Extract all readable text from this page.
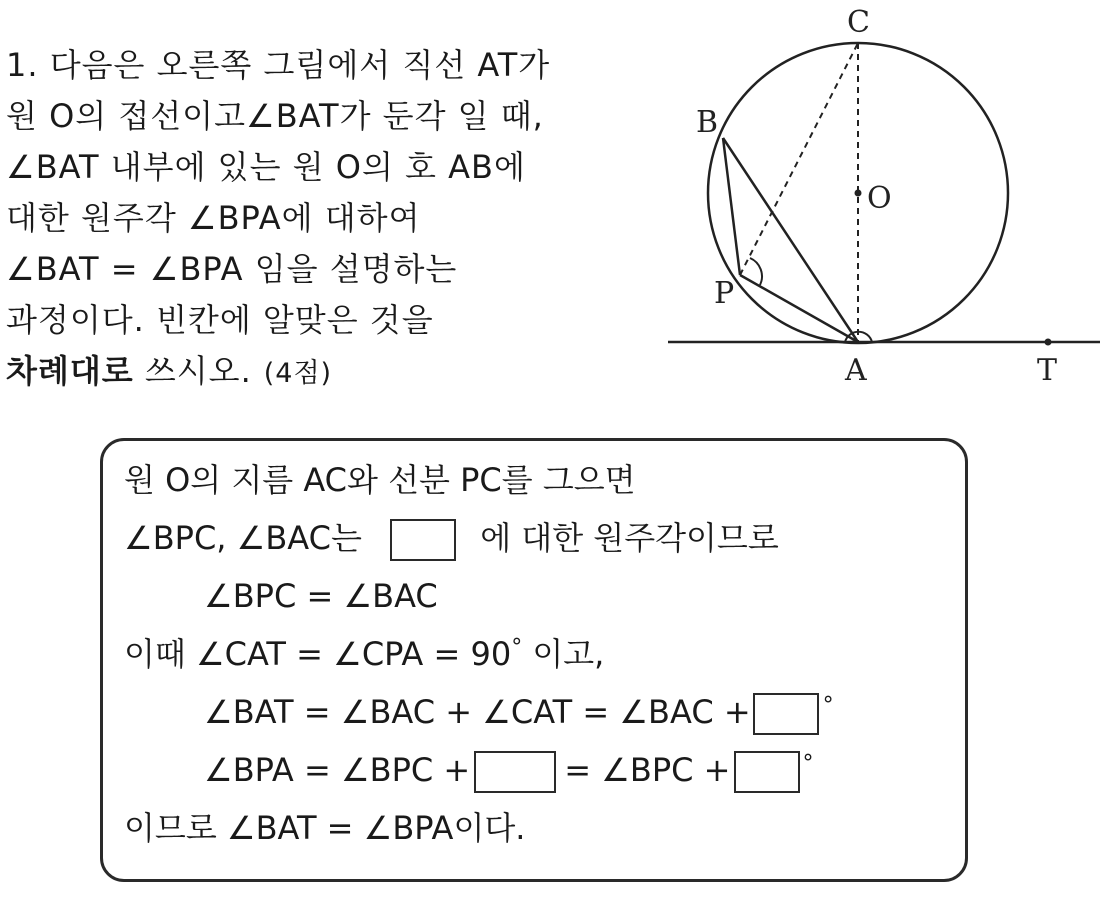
1. 다음은 오른쪽 그림에서 직선 AT가
원 O의 접선이고∠BAT가 둔각 일 때,
∠BAT 내부에 있는 원 O의 호 AB에
대한 원주각 ∠BPA에 대하여
∠BAT = ∠BPA 임을 설명하는
과정이다. 빈칸에 알맞은 것을
차례대로 쓰시오. (4점)
C
B
O
P
A	T
원 O의 지름 AC와 선분 PC를 그으면
∠BPC, ∠BAC는	에 대한 원주각이므로
∠BPC = ∠BAC
이때 ∠CAT = ∠CPA = 90° 이고,
∠BAT = ∠BAC + ∠CAT = ∠BAC +	°
∠BPA = ∠BPC +	= ∠BPC +	°
이므로 ∠BAT = ∠BPA이다.
